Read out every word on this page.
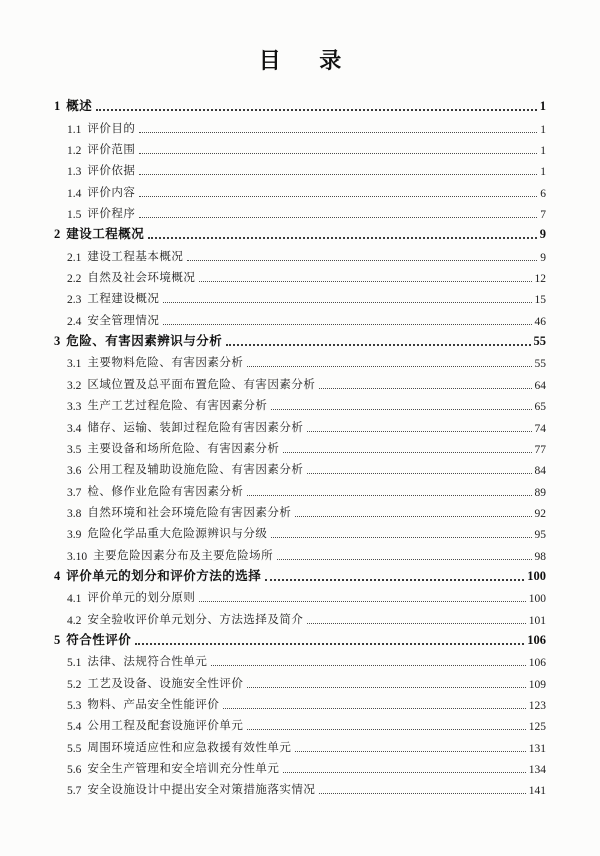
目 录
1 概述	1
1.1 评价目的	1
1.2 评价范围	1
1.3 评价依据	1
1.4 评价内容	6
1.5 评价程序	7
2 建设工程概况	9
2.1 建设工程基本概况	9
2.2 自然及社会环境概况	12
2.3 工程建设概况	15
2.4 安全管理情况	46
3 危险、有害因素辨识与分析	55
3.1 主要物料危险、有害因素分析	55
3.2 区域位置及总平面布置危险、有害因素分析	64
3.3 生产工艺过程危险、有害因素分析	65
3.4 储存、运输、装卸过程危险有害因素分析	74
3.5 主要设备和场所危险、有害因素分析	77
3.6 公用工程及辅助设施危险、有害因素分析	84
3.7 检、修作业危险有害因素分析	89
3.8 自然环境和社会环境危险有害因素分析	92
3.9 危险化学品重大危险源辨识与分级	95
3.10 主要危险因素分布及主要危险场所	98
4 评价单元的划分和评价方法的选择	100
4.1 评价单元的划分原则	100
4.2 安全验收评价单元划分、方法选择及简介	101
5 符合性评价	106
5.1 法律、法规符合性单元	106
5.2 工艺及设备、设施安全性评价	109
5.3 物料、产品安全性能评价	123
5.4 公用工程及配套设施评价单元	125
5.5 周围环境适应性和应急救援有效性单元	131
5.6 安全生产管理和安全培训充分性单元	134
5.7 安全设施设计中提出安全对策措施落实情况	141
